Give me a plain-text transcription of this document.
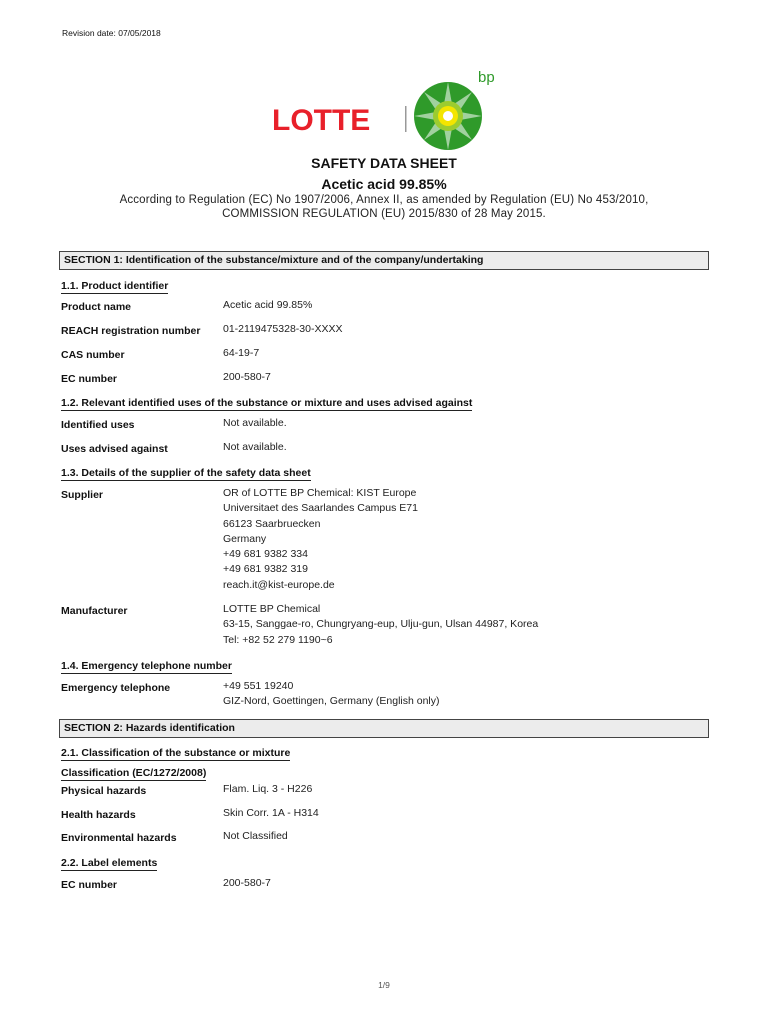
Revision date: 07/05/2018
LOTTE
bp
SAFETY DATA SHEET
Acetic acid 99.85%
According to Regulation (EC) No 1907/2006, Annex II, as amended by Regulation (EU) No 453/2010,
COMMISSION REGULATION (EU) 2015/830 of 28 May 2015.
SECTION 1: Identification of the substance/mixture and of the company/undertaking
1.1. Product identifier
Product name	Acetic acid 99.85%
REACH registration number 01-2119475328-30-XXXX
CAS number	64-19-7
EC number	200-580-7
1.2. Relevant identified uses of the substance or mixture and uses advised against
Identified uses	Not available.
Uses advised against	Not available.
1.3. Details of the supplier of the safety data sheet
Supplier	OR of LOTTE BP Chemical: KIST Europe
Universitaet des Saarlandes Campus E71
66123 Saarbruecken
Germany
+49 681 9382 334
+49 681 9382 319
reach.it@kist-europe.de
Manufacturer	LOTTE BP Chemical
63-15, Sanggae-ro, Chungryang-eup, Ulju-gun, Ulsan 44987, Korea
Tel: +82 52 279 1190~6
1.4. Emergency telephone number
Emergency telephone	+49 551 19240
GIZ-Nord, Goettingen, Germany (English only)
SECTION 2: Hazards identification
2.1. Classification of the substance or mixture
Classification (EC/1272/2008)
Physical hazards	Flam. Liq. 3 - H226
Health hazards	Skin Corr. 1A - H314
Environmental hazards	Not Classified
2.2. Label elements
EC number	200-580-7
1/9
